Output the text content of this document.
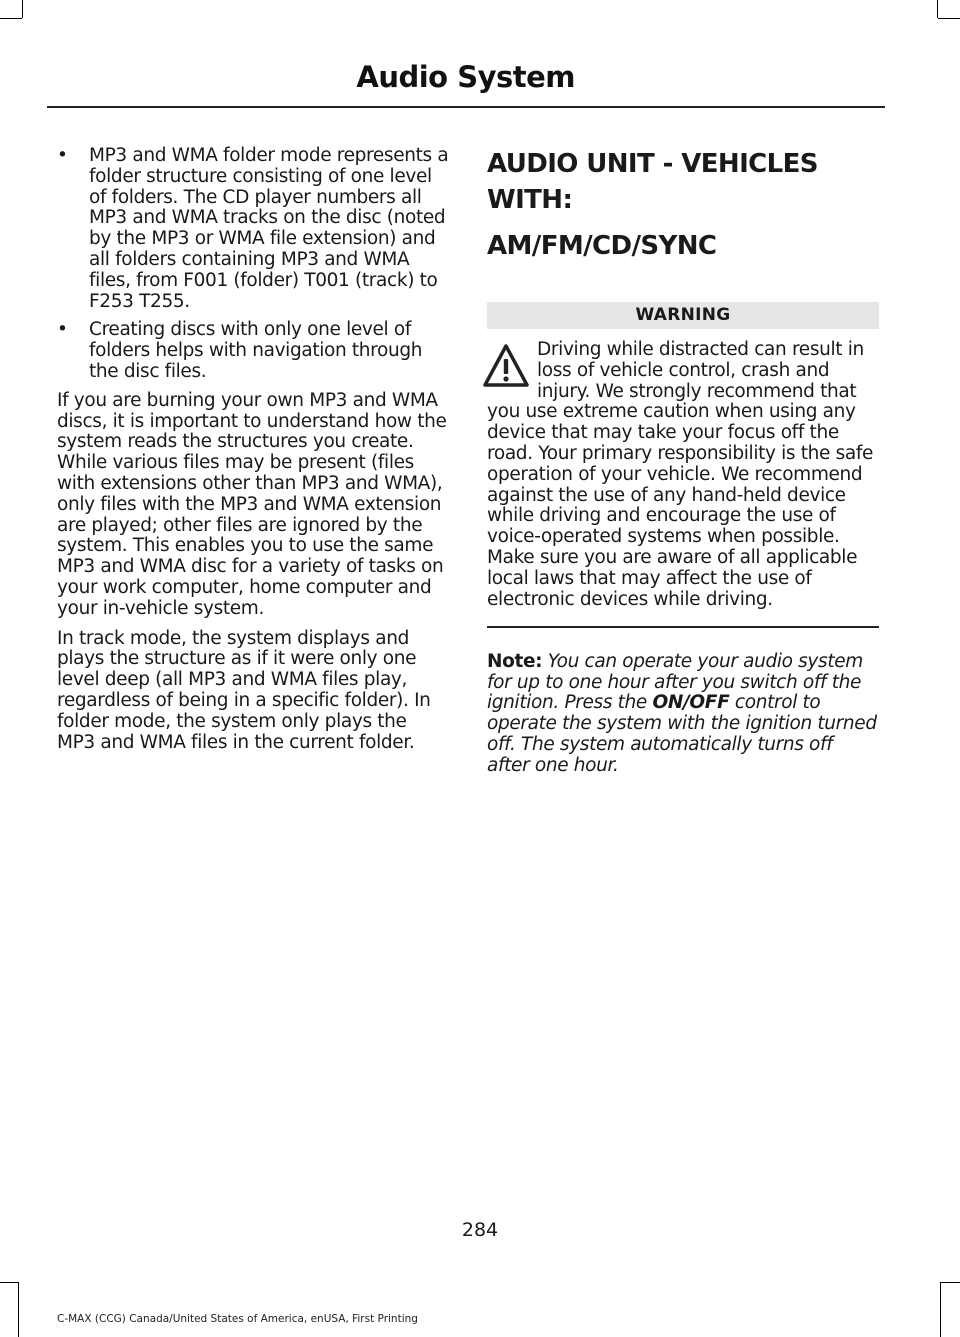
Audio System
• MP3 and WMA folder mode represents a folder structure consisting of one level of folders. The CD player numbers all MP3 and WMA tracks on the disc (noted by the MP3 or WMA file extension) and all folders containing MP3 and WMA files, from F001 (folder) T001 (track) to F253 T255.
• Creating discs with only one level of folders helps with navigation through the disc files.

If you are burning your own MP3 and WMA discs, it is important to understand how the system reads the structures you create. While various files may be present (files with extensions other than MP3 and WMA), only files with the MP3 and WMA extension are played; other files are ignored by the system. This enables you to use the same MP3 and WMA disc for a variety of tasks on your work computer, home computer and your in-vehicle system.

In track mode, the system displays and plays the structure as if it were only one level deep (all MP3 and WMA files play, regardless of being in a specific folder). In folder mode, the system only plays the MP3 and WMA files in the current folder.

AUDIO UNIT - VEHICLES WITH:
AM/FM/CD/SYNC
WARNING
Driving while distracted can result in loss of vehicle control, crash and injury. We strongly recommend that you use extreme caution when using any device that may take your focus off the road. Your primary responsibility is the safe operation of your vehicle. We recommend against the use of any hand-held device while driving and encourage the use of voice-operated systems when possible. Make sure you are aware of all applicable local laws that may affect the use of electronic devices while driving.
Note: You can operate your audio system for up to one hour after you switch off the ignition. Press the ON/OFF control to operate the system with the ignition turned off. The system automatically turns off after one hour.
284
C-MAX (CCG) Canada/United States of America, enUSA, First Printing
